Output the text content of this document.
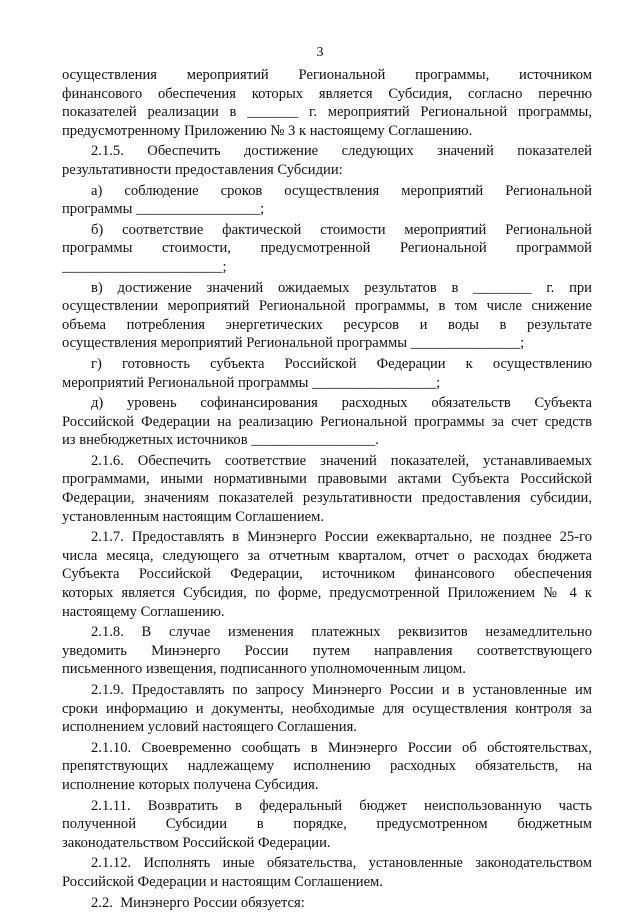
3
осуществления мероприятий Региональной программы, источником
финансового обеспечения которых является Субсидия, согласно перечню
показателей реализации в _______ г. мероприятий Региональной программы,
предусмотренному Приложению № 3 к настоящему Соглашению.
2.1.5. Обеспечить достижение следующих значений показателей
результативности предоставления Субсидии:
а) соблюдение сроков осуществления мероприятий Региональной
программы _________________;
б) соответствие фактической стоимости мероприятий Региональной
программы стоимости, предусмотренной Региональной программой
______________________;
в) достижение значений ожидаемых результатов в ________ г. при
осуществлении мероприятий Региональной программы, в том числе снижение
объема потребления энергетических ресурсов и воды в результате
осуществления мероприятий Региональной программы _______________;
г) готовность субъекта Российской Федерации к осуществлению
мероприятий Региональной программы _________________;
д) уровень софинансирования расходных обязательств Субъекта
Российской Федерации на реализацию Региональной программы за счет средств
из внебюджетных источников _________________.
2.1.6. Обеспечить соответствие значений показателей, устанавливаемых
программами, иными нормативными правовыми актами Субъекта Российской
Федерации, значениям показателей результативности предоставления субсидии,
установленным настоящим Соглашением.
2.1.7. Предоставлять в Минэнерго России ежеквартально, не позднее 25-го
числа месяца, следующего за отчетным кварталом, отчет о расходах бюджета
Субъекта Российской Федерации, источником финансового обеспечения
которых является Субсидия, по форме, предусмотренной Приложением № 4 к
настоящему Соглашению.
2.1.8. В случае изменения платежных реквизитов незамедлительно
уведомить Минэнерго России путем направления соответствующего
письменного извещения, подписанного уполномоченным лицом.
2.1.9. Предоставлять по запросу Минэнерго России и в установленные им
сроки информацию и документы, необходимые для осуществления контроля за
исполнением условий настоящего Соглашения.
2.1.10. Своевременно сообщать в Минэнерго России об обстоятельствах,
препятствующих надлежащему исполнению расходных обязательств, на
исполнение которых получена Субсидия.
2.1.11. Возвратить в федеральный бюджет неиспользованную часть
полученной Субсидии в порядке, предусмотренном бюджетным
законодательством Российской Федерации.
2.1.12. Исполнять иные обязательства, установленные законодательством
Российской Федерации и настоящим Соглашением.
2.2.  Минэнерго России обязуется:
